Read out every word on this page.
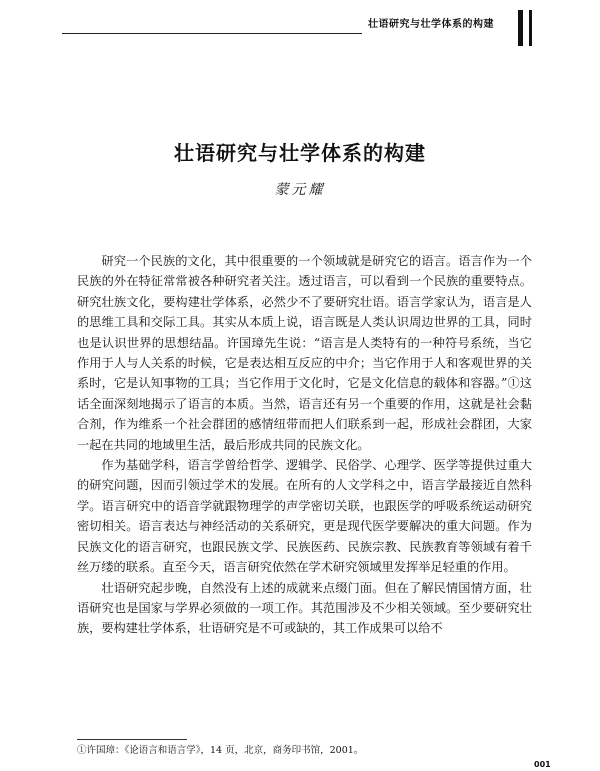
壮语研究与壮学体系的构建
壮语研究与壮学体系的构建
蒙元耀

研究一个民族的文化，其中很重要的一个领域就是研究它的语言。语言作为一个民族的外在特征常常被各种研究者关注。透过语言，可以看到一个民族的重要特点。研究壮族文化，要构建壮学体系，必然少不了要研究壮语。语言学家认为，语言是人的思维工具和交际工具。其实从本质上说，语言既是人类认识周边世界的工具，同时也是认识世界的思想结晶。许国璋先生说：“语言是人类特有的一种符号系统，当它作用于人与人关系的时候，它是表达相互反应的中介；当它作用于人和客观世界的关系时，它是认知事物的工具；当它作用于文化时，它是文化信息的载体和容器。”①这话全面深刻地揭示了语言的本质。当然，语言还有另一个重要的作用，这就是社会黏合剂，作为维系一个社会群团的感情纽带而把人们联系到一起，形成社会群团，大家一起在共同的地域里生活，最后形成共同的民族文化。

作为基础学科，语言学曾给哲学、逻辑学、民俗学、心理学、医学等提供过重大的研究问题，因而引领过学术的发展。在所有的人文学科之中，语言学最接近自然科学。语言研究中的语音学就跟物理学的声学密切关联，也跟医学的呼吸系统运动研究密切相关。语言表达与神经活动的关系研究，更是现代医学要解决的重大问题。作为民族文化的语言研究，也跟民族文学、民族医药、民族宗教、民族教育等领域有着千丝万缕的联系。直至今天，语言研究依然在学术研究领域里发挥举足轻重的作用。

壮语研究起步晚，自然没有上述的成就来点缀门面。但在了解民情国情方面，壮语研究也是国家与学界必须做的一项工作。其范围涉及不少相关领域。至少要研究壮族，要构建壮学体系，壮语研究是不可或缺的，其工作成果可以给不

①许国璋：《论语言和语言学》，14 页，北京，商务印书馆，2001。
001
